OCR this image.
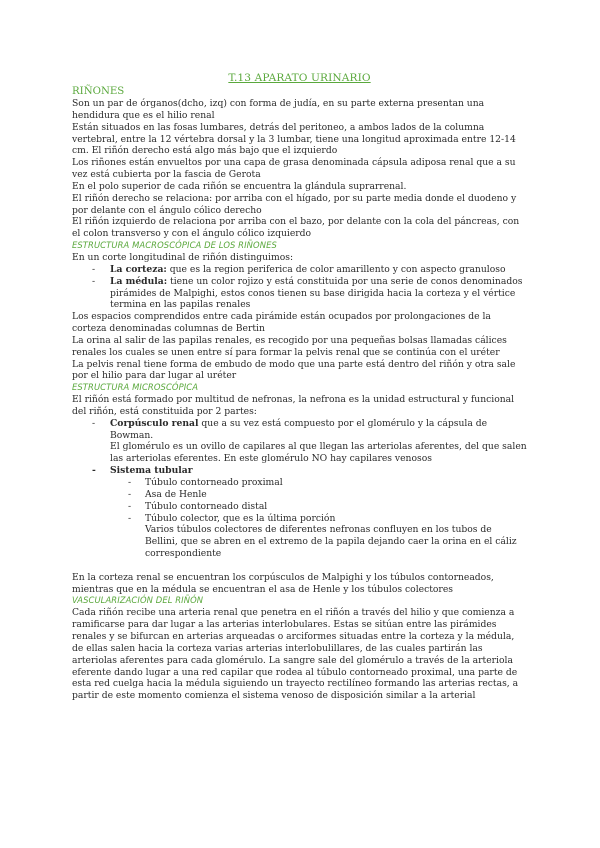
T.13 APARATO URINARIO

RIÑONES

Son un par de órganos(dcho, izq) con forma de judía, en su parte externa presentan una hendidura que es el hilio renal

Están situados en las fosas lumbares, detrás del peritoneo, a ambos lados de la columna vertebral, entre la 12 vértebra dorsal y la 3 lumbar, tiene una longitud aproximada entre 12-14 cm. El riñón derecho está algo más bajo que el izquierdo

Los riñones están envueltos por una capa de grasa denominada cápsula adiposa renal que a su vez está cubierta por la fascia de Gerota

En el polo superior de cada riñón se encuentra la glándula suprarrenal.

El riñón derecho se relaciona: por arriba con el hígado, por su parte media donde el duodeno y por delante con el ángulo cólico derecho

El riñón izquierdo de relaciona por arriba con el bazo, por delante con la cola del páncreas, con el colon transverso y con el ángulo cólico izquierdo

ESTRUCTURA MACROSCÓPICA DE LOS RIÑONES

En un corte longitudinal de riñón distinguimos:

- La corteza: que es la region periferica de color amarillento y con aspecto granuloso
- La médula: tiene un color rojizo y está constituida por una serie de conos denominados pirámides de Malpighi, estos conos tienen su base dirigida hacia la corteza y el vértice termina en las papilas renales

Los espacios comprendidos entre cada pirámide están ocupados por prolongaciones de la corteza denominadas columnas de Bertin

La orina al salir de las papilas renales, es recogido por una pequeñas bolsas llamadas cálices renales los cuales se unen entre sí para formar la pelvis renal que se continúa con el uréter

La pelvis renal tiene forma de embudo de modo que una parte está dentro del riñón y otra sale por el hilio para dar lugar al uréter

ESTRUCTURA MICROSCÓPICA

El riñón está formado por multitud de nefronas, la nefrona es la unidad estructural y funcional del riñón, está constituida por 2 partes:

- Corpúsculo renal que a su vez está compuesto por el glomérulo y la cápsula de Bowman.
El glomérulo es un ovillo de capilares al que llegan las arteriolas aferentes, del que salen las arteriolas eferentes. En este glomérulo NO hay capilares venosos
- Sistema tubular
- Túbulo contorneado proximal
- Asa de Henle
- Túbulo contorneado distal
- Túbulo colector, que es la última porción
Varios túbulos colectores de diferentes nefronas confluyen en los tubos de Bellini, que se abren en el extremo de la papila dejando caer la orina en el cáliz correspondiente

En la corteza renal se encuentran los corpúsculos de Malpighi y los túbulos contorneados, mientras que en la médula se encuentran el asa de Henle y los túbulos colectores

VASCULARIZACIÓN DEL RIÑÓN

Cada riñón recibe una arteria renal que penetra en el riñón a través del hilio y que comienza a ramificarse para dar lugar a las arterias interlobulares. Estas se sitúan entre las pirámides renales y se bifurcan en arterias arqueadas o arciformes situadas entre la corteza y la médula, de ellas salen hacia la corteza varias arterias interlobulillares, de las cuales partirán las arteriolas aferentes para cada glomérulo. La sangre sale del glomérulo a través de la arteriola eferente dando lugar a una red capilar que rodea al túbulo contorneado proximal, una parte de esta red cuelga hacia la médula siguiendo un trayecto rectilíneo formando las arterias rectas, a partir de este momento comienza el sistema venoso de disposición similar a la arterial
